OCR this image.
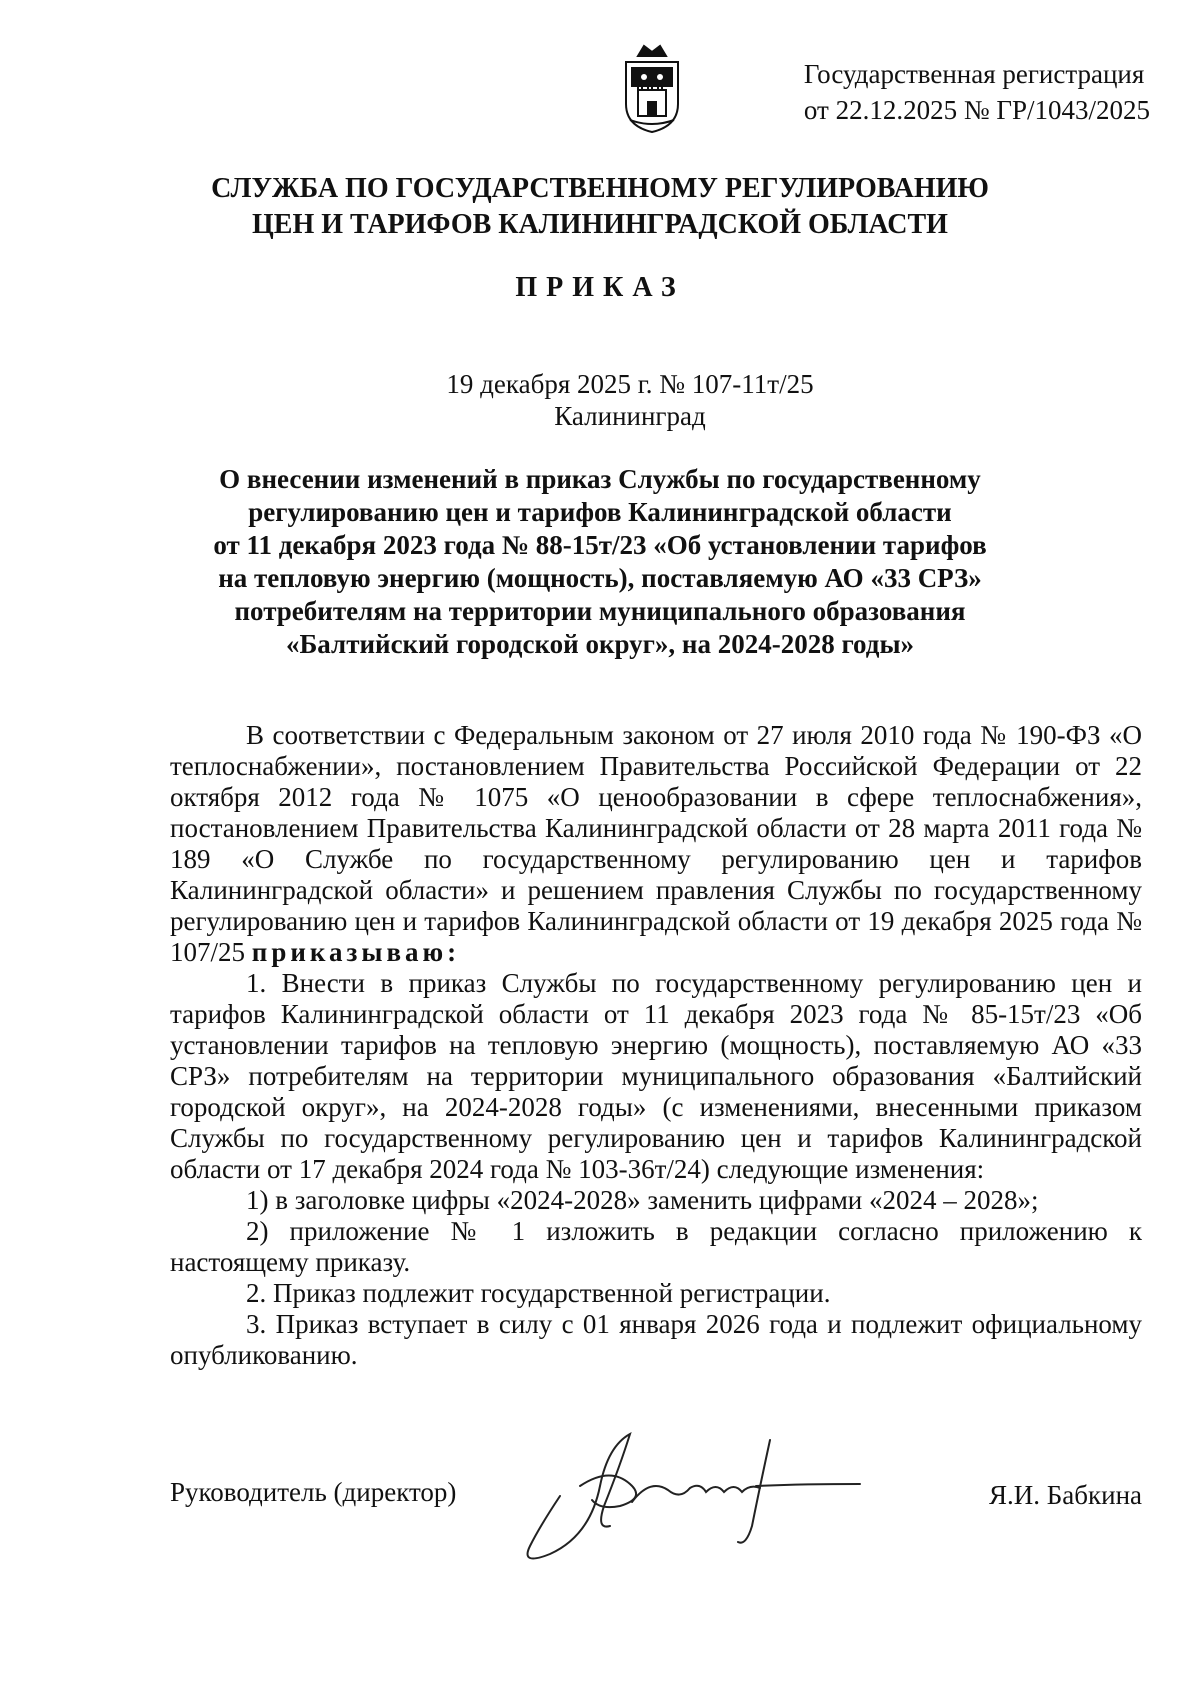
Государственная регистрация
от 22.12.2025 № ГР/1043/2025
СЛУЖБА ПО ГОСУДАРСТВЕННОМУ РЕГУЛИРОВАНИЮ
ЦЕН И ТАРИФОВ КАЛИНИНГРАДСКОЙ ОБЛАСТИ
ПРИКАЗ
19 декабря 2025 г. № 107-11т/25
Калининград
О внесении изменений в приказ Службы по государственному
регулированию цен и тарифов Калининградской области
от 11 декабря 2023 года № 88-15т/23 «Об установлении тарифов
на тепловую энергию (мощность), поставляемую АО «33 СРЗ»
потребителям на территории муниципального образования
«Балтийский городской округ», на 2024-2028 годы»

В соответствии с Федеральным законом от 27 июля 2010 года № 190-ФЗ «О теплоснабжении», постановлением Правительства Российской Федерации от 22 октября 2012 года № 1075 «О ценообразовании в сфере теплоснабжения», постановлением Правительства Калининградской области от 28 марта 2011 года № 189 «О Службе по государственному регулированию цен и тарифов Калининградской области» и решением правления Службы по государственному регулированию цен и тарифов Калининградской области от 19 декабря 2025 года № 107/25 приказываю:

1. Внести в приказ Службы по государственному регулированию цен и тарифов Калининградской области от 11 декабря 2023 года № 85-15т/23 «Об установлении тарифов на тепловую энергию (мощность), поставляемую АО «33 СРЗ» потребителям на территории муниципального образования «Балтийский городской округ», на 2024-2028 годы» (с изменениями, внесенными приказом Службы по государственному регулированию цен и тарифов Калининградской области от 17 декабря 2024 года № 103-36т/24) следующие изменения:

1) в заголовке цифры «2024-2028» заменить цифрами «2024 – 2028»;

2) приложение № 1 изложить в редакции согласно приложению к настоящему приказу.

2. Приказ подлежит государственной регистрации.

3. Приказ вступает в силу с 01 января 2026 года и подлежит официальному опубликованию.

Руководитель (директор)	Я.И. Бабкина
